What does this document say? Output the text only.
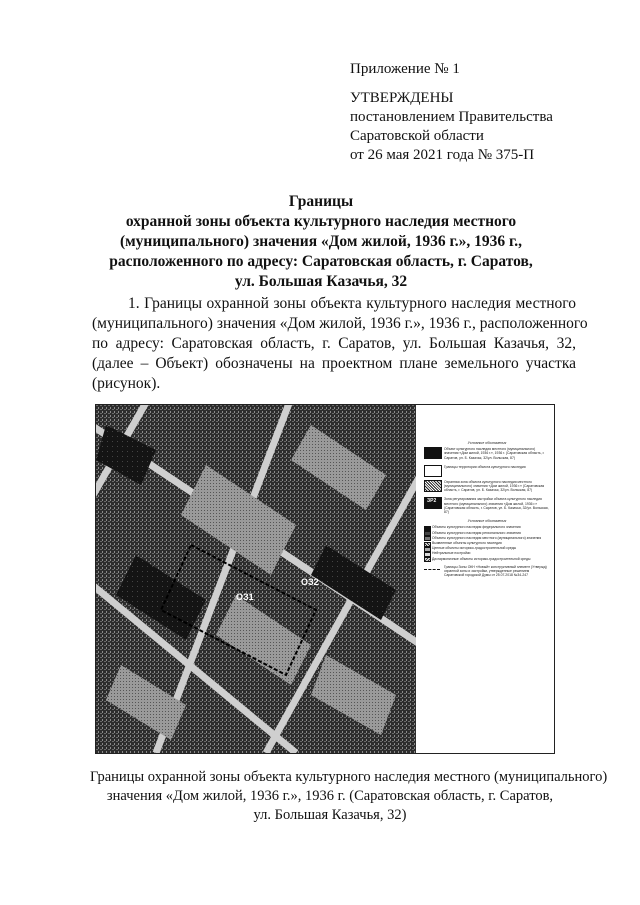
Приложение № 1
УТВЕРЖДЕНЫ
постановлением Правительства
Саратовской области
от 26 мая 2021 года № 375-П
Границы
охранной зоны объекта культурного наследия местного
(муниципального) значения «Дом жилой, 1936 г.», 1936 г.,
расположенного по адресу: Саратовская область, г. Саратов,
ул. Большая Казачья, 32
1. Границы охранной зоны объекта культурного наследия местного
(муниципального) значения «Дом жилой, 1936 г.», 1936 г., расположенного
по адресу: Саратовская область, г. Саратов, ул. Большая Казачья, 32,
(далее – Объект) обозначены на проектном плане земельного участка
(рисунок).
ОЗ1
ОЗ2
Условные обозначения
Объект культурного наследия местного (муниципального) значения «Дом жилой, 1936 г.», 1936 г. (Саратовская область, г. Саратов, ул. Б. Казачья, 32/ул. Вольская, 87)
Границы территории объекта культурного наследия
Охранная зона объекта культурного наследия местного (муниципального) значения «Дом жилой, 1936 г.» (Саратовская область, г. Саратов, ул. Б. Казачья, 32/ул. Вольская, 87)
ЗР2 Зона регулирования застройки объекта культурного наследия местного (муниципального) значения «Дом жилой, 1936 г.» (Саратовская область, г. Саратов, ул. Б. Казачья, 32/ул. Вольская, 87)
Условные обозначения
Объекты культурного наследия федерального значения
Объекты культурного наследия регионального значения
Объекты культурного наследия местного (муниципального) значения
Выявленные объекты культурного наследия
Ценные объекты историко-градостроительной среды
Нейтральные постройки
Дисгармоничные объекты историко-градостроительной среды
Границы Зоны ОКН «Новый» конструктивный элемент (Утвержд) охранной зоны и застройки, утвержденные решением Саратовской городской Думы от 25.07.2018 №34-247
Границы охранной зоны объекта культурного наследия местного (муниципального)
значения «Дом жилой, 1936 г.», 1936 г. (Саратовская область, г. Саратов,
ул. Большая Казачья, 32)
